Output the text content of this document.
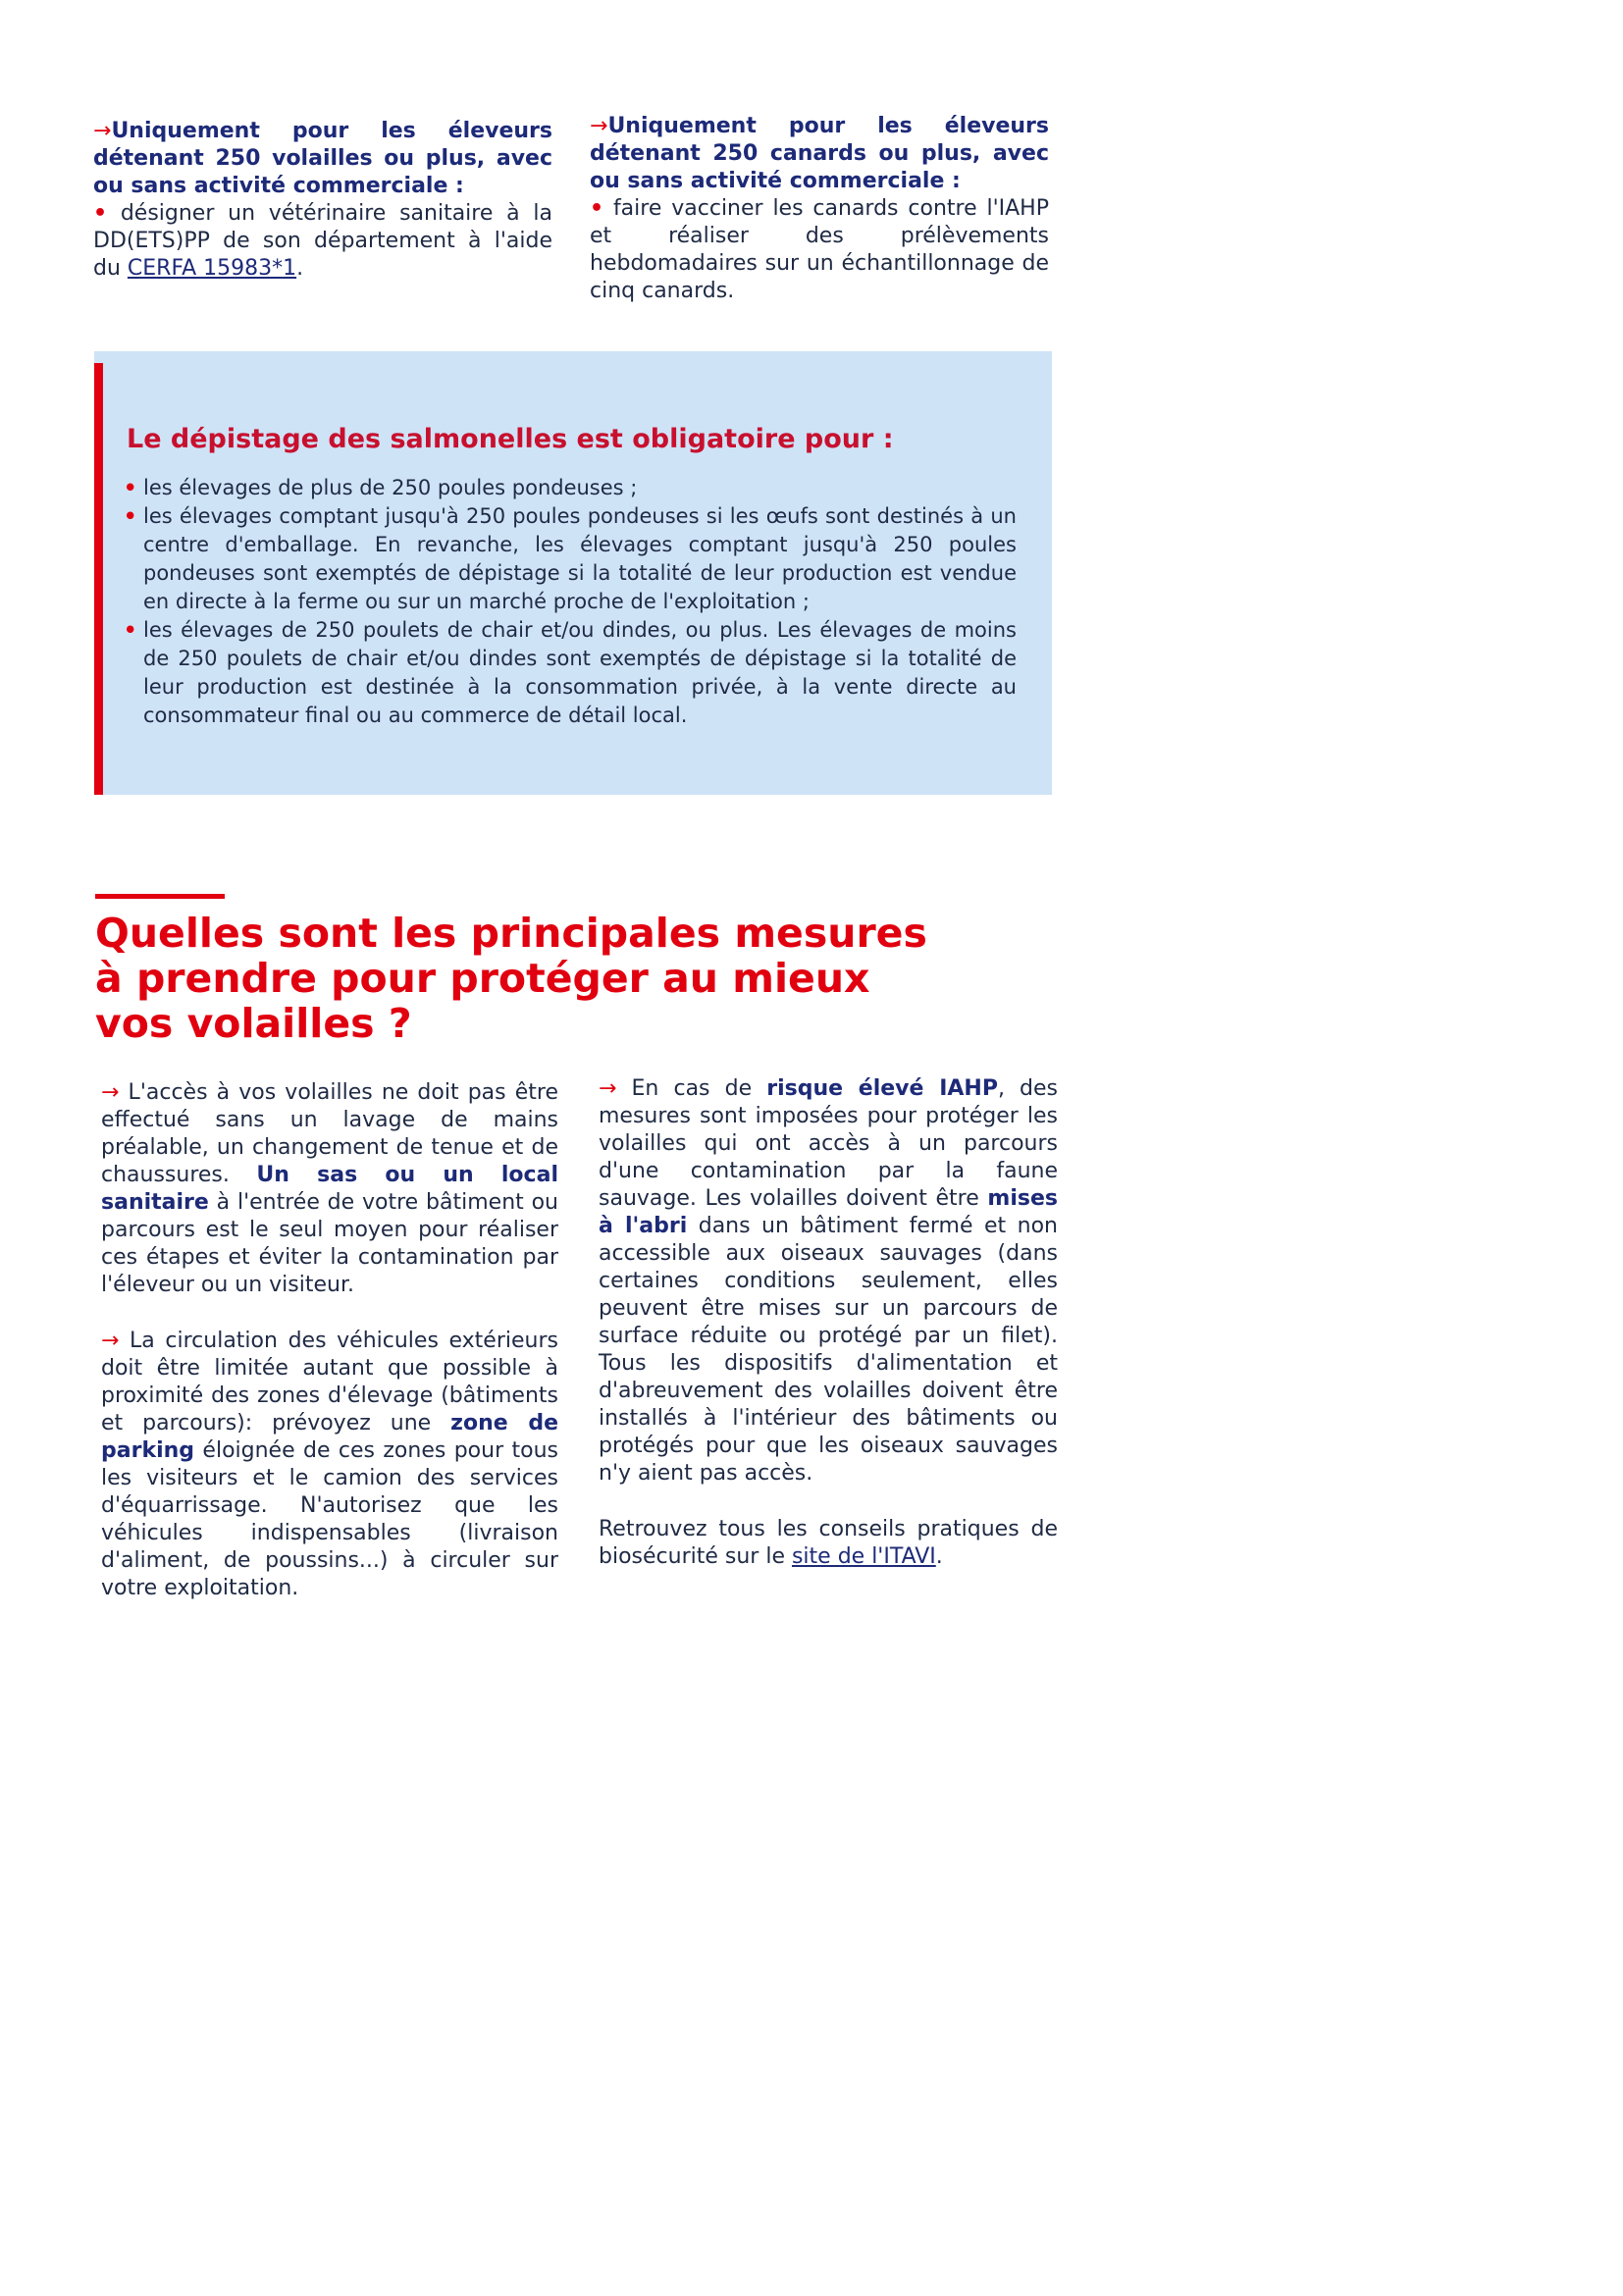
→Uniquement pour les éleveurs détenant 250 volailles ou plus, avec ou sans activité commerciale :

• désigner un vétérinaire sanitaire à la DD(ETS)PP de son département à l'aide du CERFA 15983*1.

→Uniquement pour les éleveurs détenant 250 canards ou plus, avec ou sans activité commerciale :

• faire vacciner les canards contre l'IAHP et réaliser des prélèvements hebdomadaires sur un échantillonnage de cinq canards.

Le dépistage des salmonelles est obligatoire pour :
• les élevages de plus de 250 poules pondeuses ;
• les élevages comptant jusqu'à 250 poules pondeuses si les œufs sont destinés à un centre d'emballage. En revanche, les élevages comptant jusqu'à 250 poules pondeuses sont exemptés de dépistage si la totalité de leur production est vendue en directe à la ferme ou sur un marché proche de l'exploitation ;
• les élevages de 250 poulets de chair et/ou dindes, ou plus. Les élevages de moins de 250 poulets de chair et/ou dindes sont exemptés de dépistage si la totalité de leur production est destinée à la consommation privée, à la vente directe au consommateur final ou au commerce de détail local.
Quelles sont les principales mesures
à prendre pour protéger au mieux
vos volailles ?

→ L'accès à vos volailles ne doit pas être effectué sans un lavage de mains préalable, un changement de tenue et de chaussures. Un sas ou un local sanitaire à l'entrée de votre bâtiment ou parcours est le seul moyen pour réaliser ces étapes et éviter la contamination par l'éleveur ou un visiteur.

→ La circulation des véhicules extérieurs doit être limitée autant que possible à proximité des zones d'élevage (bâtiments et parcours): prévoyez une zone de parking éloignée de ces zones pour tous les visiteurs et le camion des services d'équarrissage. N'autorisez que les véhicules indispensables (livraison d'aliment, de poussins...) à circuler sur votre exploitation.

→ En cas de risque élevé IAHP, des mesures sont imposées pour protéger les volailles qui ont accès à un parcours d'une contamination par la faune sauvage. Les volailles doivent être mises à l'abri dans un bâtiment fermé et non accessible aux oiseaux sauvages (dans certaines conditions seulement, elles peuvent être mises sur un parcours de surface réduite ou protégé par un filet). Tous les dispositifs d'alimentation et d'abreuvement des volailles doivent être installés à l'intérieur des bâtiments ou protégés pour que les oiseaux sauvages n'y aient pas accès.

Retrouvez tous les conseils pratiques de biosécurité sur le site de l'ITAVI.
